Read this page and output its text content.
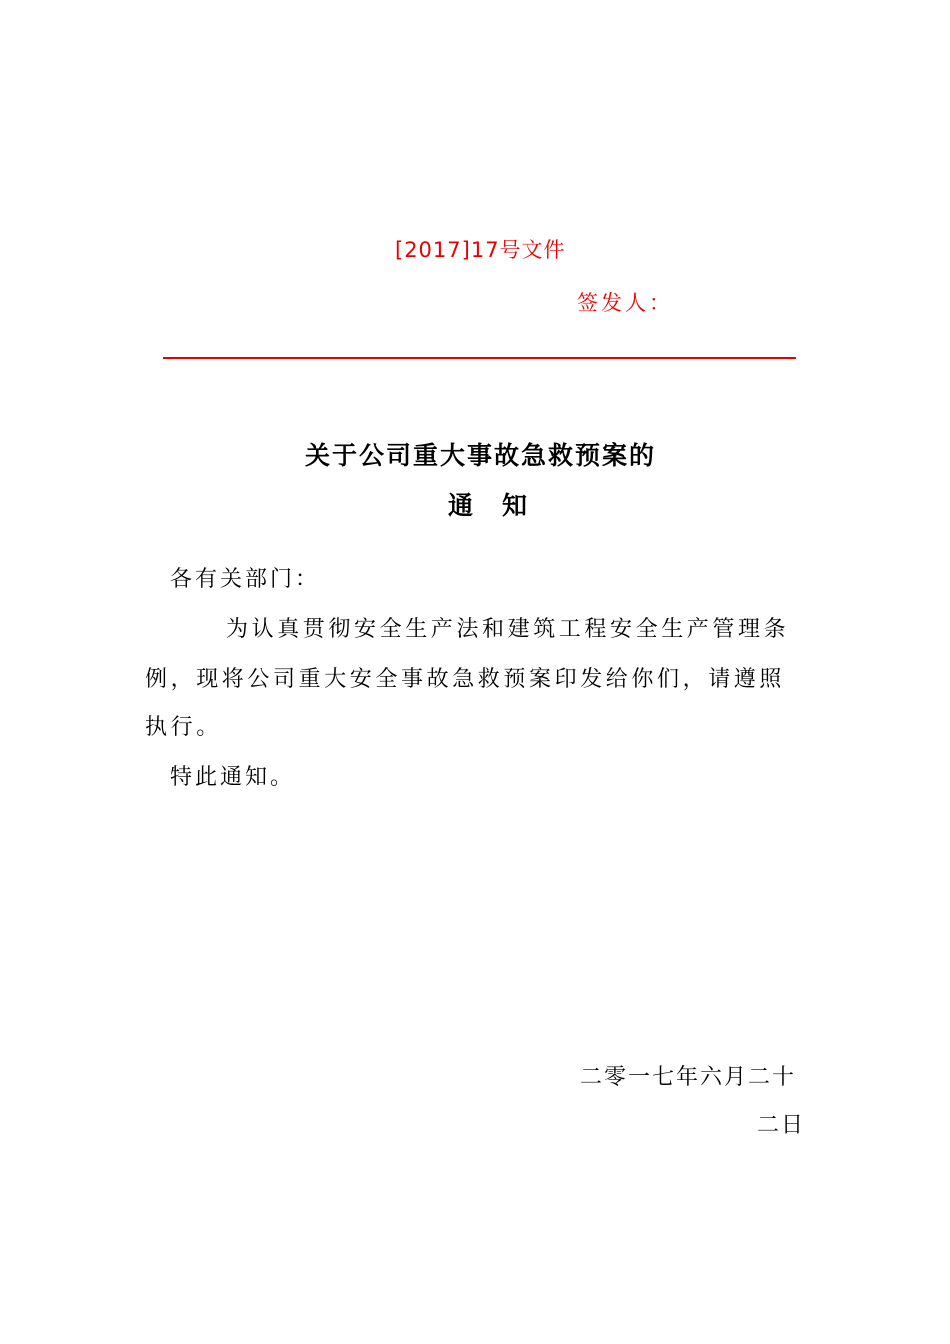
[2017]17号文件
签发人：
关于公司重大事故急救预案的
通　知
各有关部门：
为认真贯彻安全生产法和建筑工程安全生产管理条
例，现将公司重大安全事故急救预案印发给你们，请遵照
执行。
特此通知。
二零一七年六月二十
二日
